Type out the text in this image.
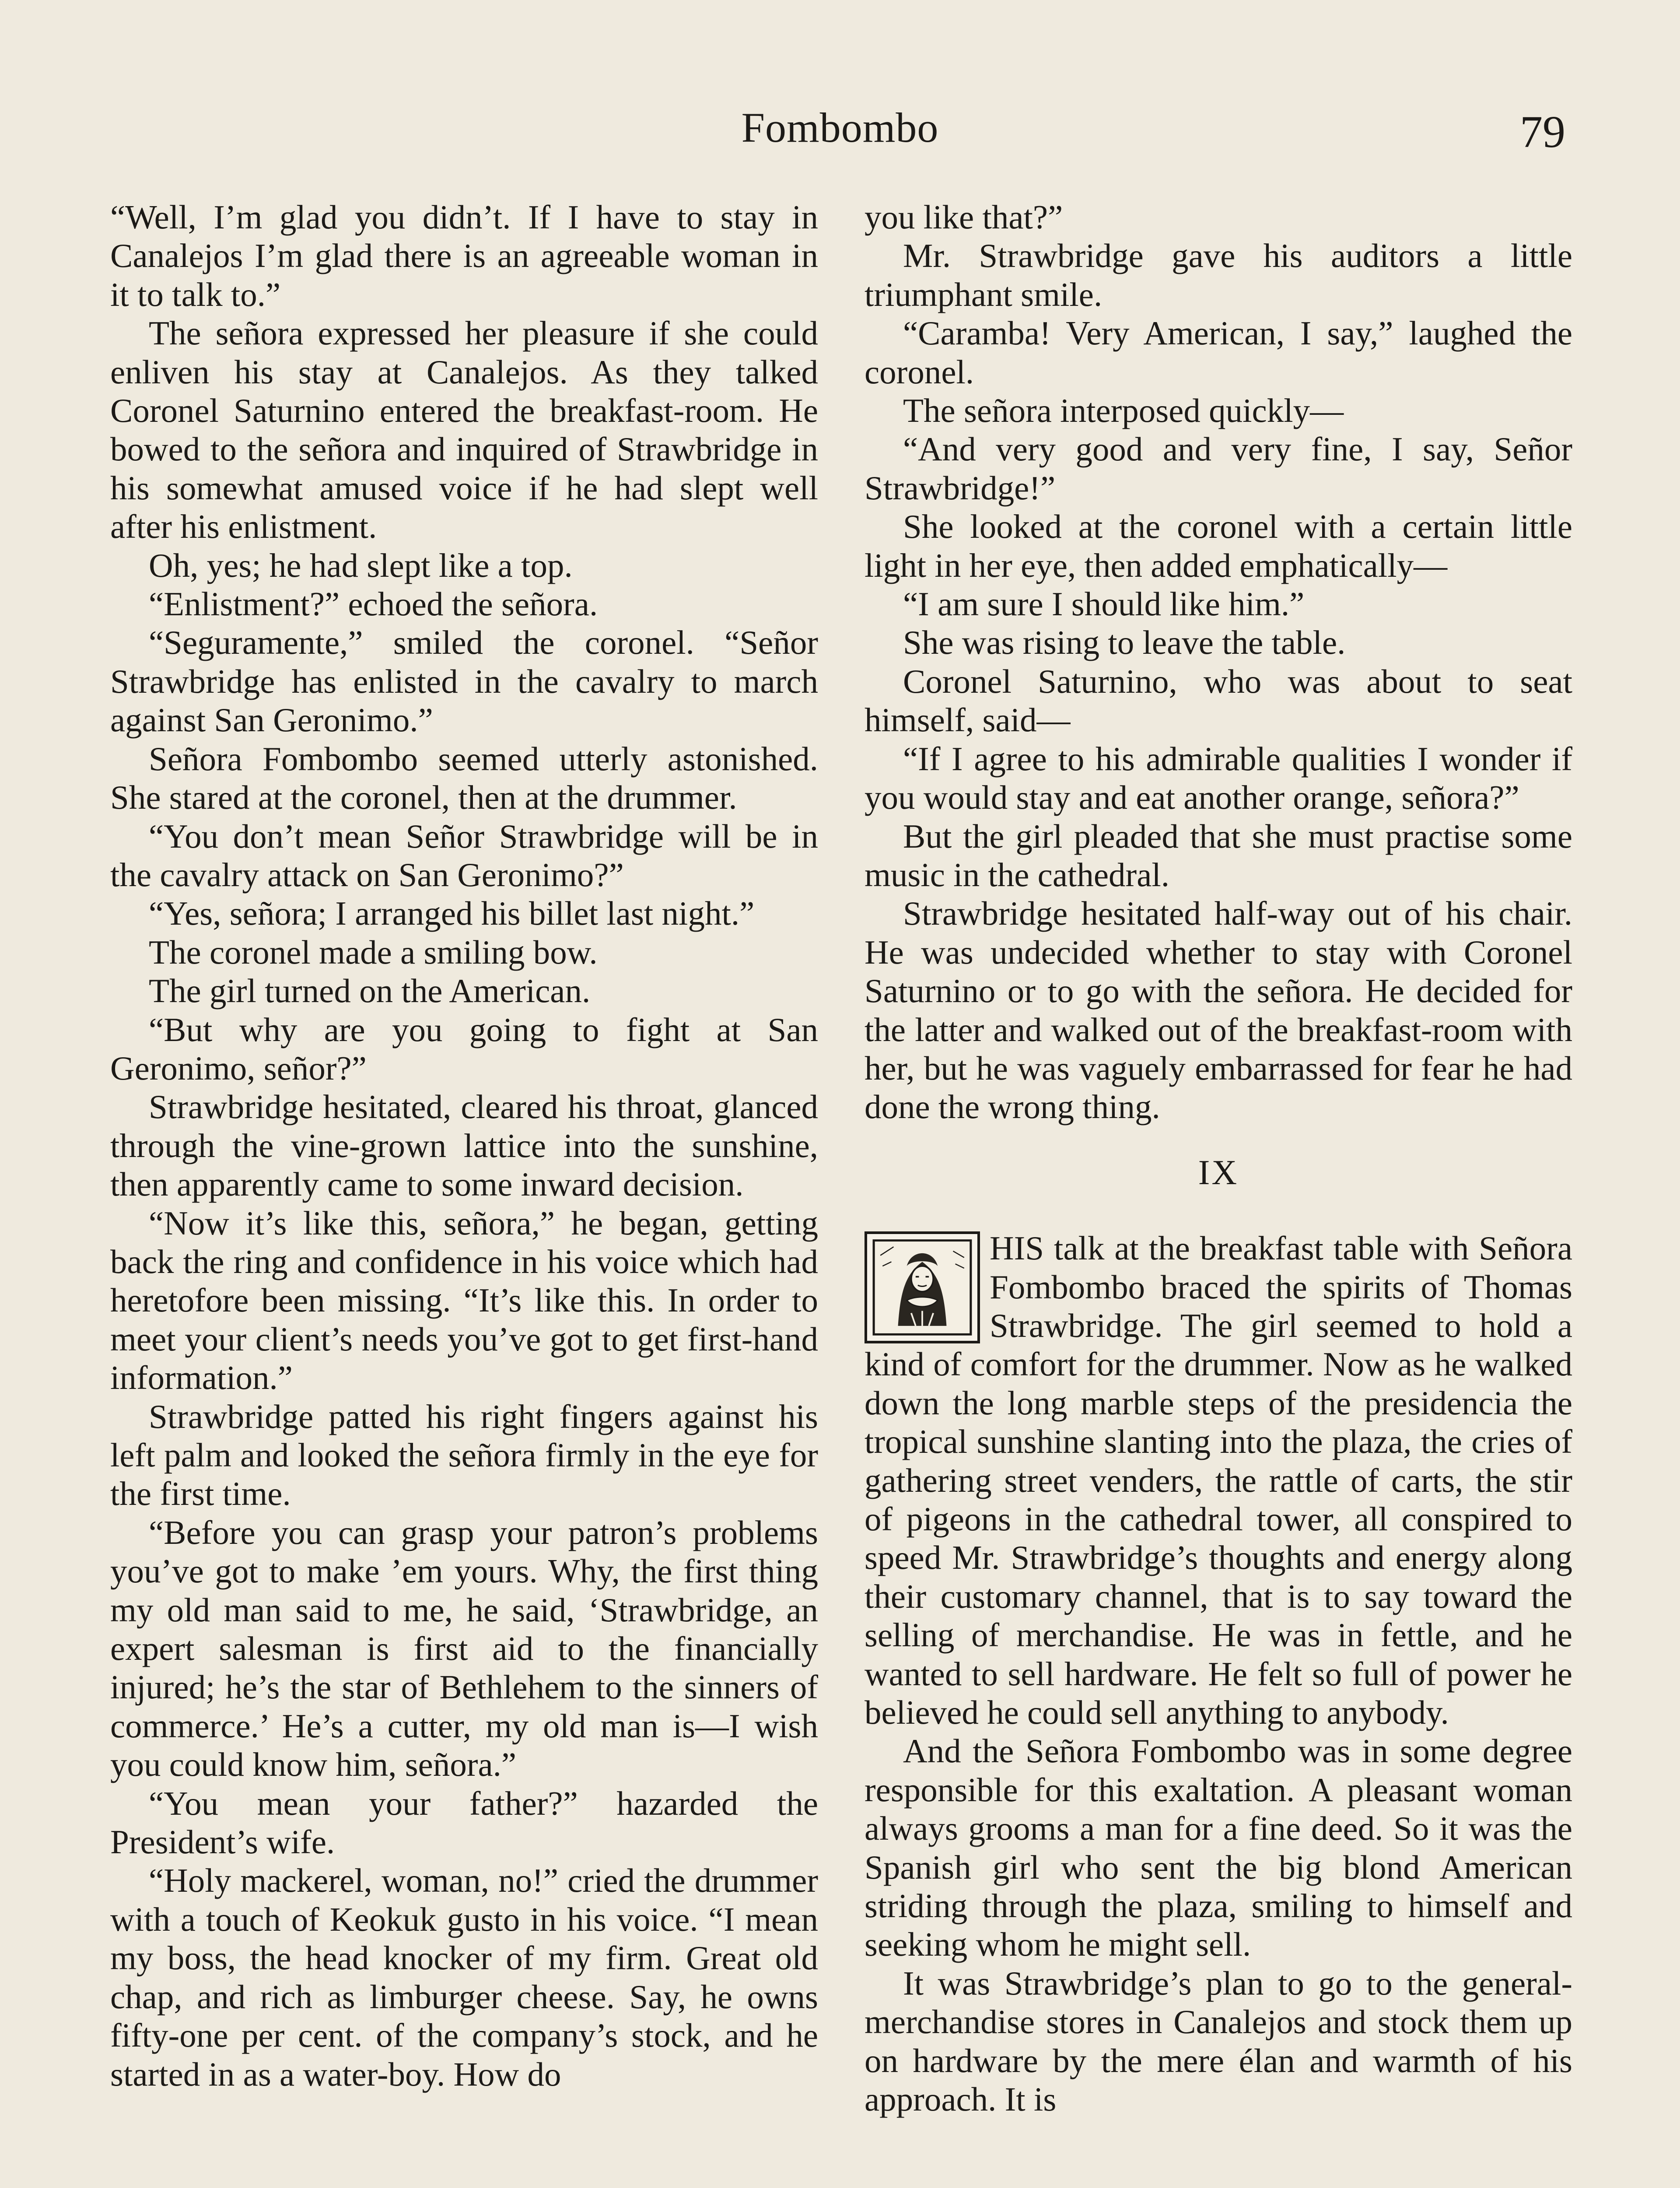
Fombombo	79

“Well, I’m glad you didn’t. If I have to stay in Canalejos I’m glad there is an agreeable woman in it to talk to.”

The señora expressed her pleasure if she could enliven his stay at Canalejos. As they talked Coronel Saturnino entered the breakfast-room. He bowed to the señora and inquired of Strawbridge in his somewhat amused voice if he had slept well after his enlistment.

Oh, yes; he had slept like a top.

“Enlistment?” echoed the señora.

“Seguramente,” smiled the coronel. “Señor Strawbridge has enlisted in the cavalry to march against San Geronimo.”

Señora Fombombo seemed utterly astonished. She stared at the coronel, then at the drummer.

“You don’t mean Señor Strawbridge will be in the cavalry attack on San Geronimo?”

“Yes, señora; I arranged his billet last night.”

The coronel made a smiling bow.

The girl turned on the American.

“But why are you going to fight at San Geronimo, señor?”

Strawbridge hesitated, cleared his throat, glanced through the vine-grown lattice into the sunshine, then apparently came to some inward decision.

“Now it’s like this, señora,” he began, getting back the ring and confidence in his voice which had heretofore been missing. “It’s like this. In order to meet your client’s needs you’ve got to get first-hand information.”

Strawbridge patted his right fingers against his left palm and looked the señora firmly in the eye for the first time.

“Before you can grasp your patron’s problems you’ve got to make ’em yours. Why, the first thing my old man said to me, he said, ‘Strawbridge, an expert salesman is first aid to the financially injured; he’s the star of Bethlehem to the sinners of commerce.’ He’s a cutter, my old man is—I wish you could know him, señora.”

“You mean your father?” hazarded the President’s wife.

“Holy mackerel, woman, no!” cried the drummer with a touch of Keokuk gusto in his voice. “I mean my boss, the head knocker of my firm. Great old chap, and rich as limburger cheese. Say, he owns fifty-one per cent. of the company’s stock, and he started in as a water-boy. How do

you like that?”

Mr. Strawbridge gave his auditors a little triumphant smile.

“Caramba! Very American, I say,” laughed the coronel.

The señora interposed quickly—

“And very good and very fine, I say, Señor Strawbridge!”

She looked at the coronel with a certain little light in her eye, then added emphatically—

“I am sure I should like him.”

She was rising to leave the table.

Coronel Saturnino, who was about to seat himself, said—

“If I agree to his admirable qualities I wonder if you would stay and eat another orange, señora?”

But the girl pleaded that she must practise some music in the cathedral.

Strawbridge hesitated half-way out of his chair. He was undecided whether to stay with Coronel Saturnino or to go with the señora. He decided for the latter and walked out of the breakfast-room with her, but he was vaguely embarrassed for fear he had done the wrong thing.

IX

HIS talk at the breakfast table with Señora Fombombo braced the spirits of Thomas Strawbridge. The girl seemed to hold a kind of comfort for the drummer. Now as he walked down the long marble steps of the presidencia the tropical sunshine slanting into the plaza, the cries of gathering street venders, the rattle of carts, the stir of pigeons in the cathedral tower, all conspired to speed Mr. Strawbridge’s thoughts and energy along their customary channel, that is to say toward the selling of merchandise. He was in fettle, and he wanted to sell hardware. He felt so full of power he believed he could sell anything to anybody.

And the Señora Fombombo was in some degree responsible for this exaltation. A pleasant woman always grooms a man for a fine deed. So it was the Spanish girl who sent the big blond American striding through the plaza, smiling to himself and seeking whom he might sell.

It was Strawbridge’s plan to go to the general-merchandise stores in Canalejos and stock them up on hardware by the mere élan and warmth of his approach. It is
